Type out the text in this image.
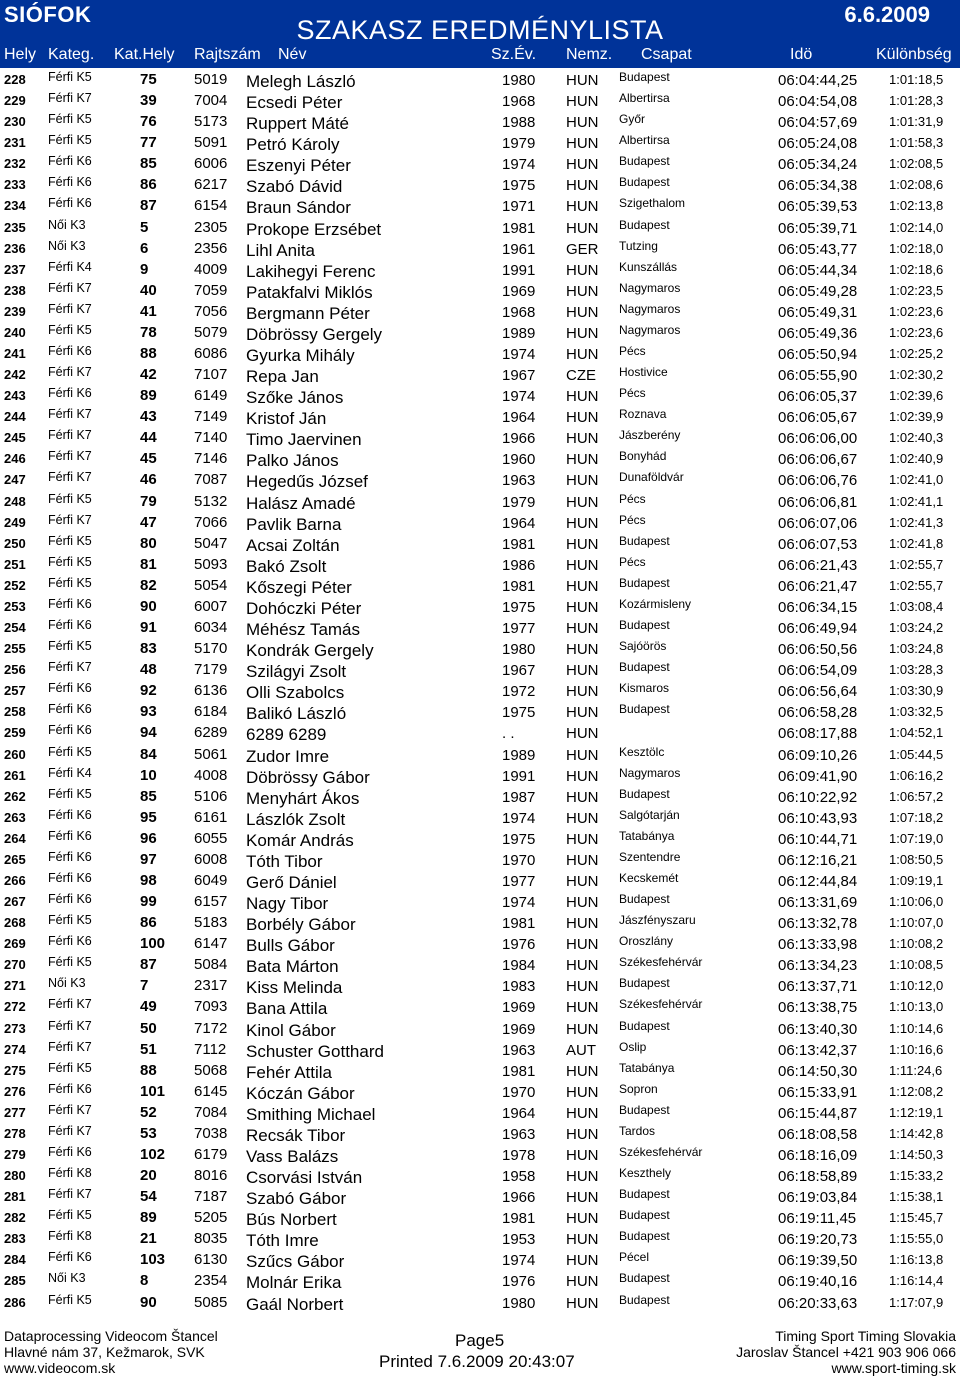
SIÓFOK
SZAKASZ EREDMÉNYLISTA
6.6.2009
Hely Kateg. Kat.Hely Rajtszám Név	Sz.Év. Nemz. Csapat	Idö	Különbség
228 Férfi K5	75 5019 Melegh László	1980 HUN Budapest	06:04:44,25 1:01:18,5
229 Férfi K7	39 7004 Ecsedi Péter	1968 HUN Albertirsa	06:04:54,08 1:01:28,3
230 Férfi K5	76 5173 Ruppert Máté	1988 HUN Győr	06:04:57,69 1:01:31,9
231 Férfi K5	77 5091 Petró Károly	1979 HUN Albertirsa	06:05:24,08 1:01:58,3
232 Férfi K6	85 6006 Eszenyi Péter	1974 HUN Budapest	06:05:34,24 1:02:08,5
233 Férfi K6	86 6217 Szabó Dávid	1975 HUN Budapest	06:05:34,38 1:02:08,6
234 Férfi K6	87 6154 Braun Sándor	1971 HUN Szigethalom	06:05:39,53 1:02:13,8
235 Női K3	5	2305 Prokope Erzsébet	1981 HUN Budapest	06:05:39,71 1:02:14,0
236 Női K3	6	2356 Lihl Anita	1961 GER Tutzing	06:05:43,77 1:02:18,0
237 Férfi K4	9	4009 Lakihegyi Ferenc	1991 HUN Kunszállás	06:05:44,34 1:02:18,6
238 Férfi K7	40 7059 Patakfalvi Miklós	1969 HUN Nagymaros	06:05:49,28 1:02:23,5
239 Férfi K7	41 7056 Bergmann Péter	1968 HUN Nagymaros	06:05:49,31 1:02:23,6
240 Férfi K5	78 5079 Döbrössy Gergely	1989 HUN Nagymaros	06:05:49,36 1:02:23,6
241 Férfi K6	88 6086 Gyurka Mihály	1974 HUN Pécs	06:05:50,94 1:02:25,2
242 Férfi K7	42 7107 Repa Jan	1967 CZE Hostivice	06:05:55,90 1:02:30,2
243 Férfi K6	89 6149 Szőke János	1974 HUN Pécs	06:06:05,37 1:02:39,6
244 Férfi K7	43 7149 Kristof Ján	1964 HUN Roznava	06:06:05,67 1:02:39,9
245 Férfi K7	44 7140 Timo Jaervinen	1966 HUN Jászberény	06:06:06,00 1:02:40,3
246 Férfi K7	45 7146 Palko János	1960 HUN Bonyhád	06:06:06,67 1:02:40,9
247 Férfi K7	46 7087 Hegedűs József	1963 HUN Dunaföldvár	06:06:06,76 1:02:41,0
248 Férfi K5	79 5132 Halász Amadé	1979 HUN Pécs	06:06:06,81 1:02:41,1
249 Férfi K7	47 7066 Pavlik Barna	1964 HUN Pécs	06:06:07,06 1:02:41,3
250 Férfi K5	80 5047 Acsai Zoltán	1981 HUN Budapest	06:06:07,53 1:02:41,8
251 Férfi K5	81 5093 Bakó Zsolt	1986 HUN Pécs	06:06:21,43 1:02:55,7
252 Férfi K5	82 5054 Kőszegi Péter	1981 HUN Budapest	06:06:21,47 1:02:55,7
253 Férfi K6	90 6007 Dohóczki Péter	1975 HUN Kozármisleny	06:06:34,15 1:03:08,4
254 Férfi K6	91 6034 Méhész Tamás	1977 HUN Budapest	06:06:49,94 1:03:24,2
255 Férfi K5	83 5170 Kondrák Gergely	1980 HUN Sajóörös	06:06:50,56 1:03:24,8
256 Férfi K7	48 7179 Szilágyi Zsolt	1967 HUN Budapest	06:06:54,09 1:03:28,3
257 Férfi K6	92 6136 Olli Szabolcs	1972 HUN Kismaros	06:06:56,64 1:03:30,9
258 Férfi K6	93 6184 Balikó László	1975 HUN Budapest	06:06:58,28 1:03:32,5
259 Férfi K6	94 6289 6289 6289	. .	HUN	06:08:17,88 1:04:52,1
260 Férfi K5	84 5061 Zudor Imre	1989 HUN Kesztölc	06:09:10,26 1:05:44,5
261 Férfi K4	10 4008 Döbrössy Gábor	1991 HUN Nagymaros	06:09:41,90 1:06:16,2
262 Férfi K5	85 5106 Menyhárt Ákos	1987 HUN Budapest	06:10:22,92 1:06:57,2
263 Férfi K6	95 6161 Lászlók Zsolt	1974 HUN Salgótarján	06:10:43,93 1:07:18,2
264 Férfi K6	96 6055 Komár András	1975 HUN Tatabánya	06:10:44,71 1:07:19,0
265 Férfi K6	97 6008 Tóth Tibor	1970 HUN Szentendre	06:12:16,21 1:08:50,5
266 Férfi K6	98 6049 Gerő Dániel	1977 HUN Kecskemét	06:12:44,84 1:09:19,1
267 Férfi K6	99 6157 Nagy Tibor	1974 HUN Budapest	06:13:31,69 1:10:06,0
268 Férfi K5	86 5183 Borbély Gábor	1981 HUN Jászfényszaru	06:13:32,78 1:10:07,0
269 Férfi K6	100 6147 Bulls Gábor	1976 HUN Oroszlány	06:13:33,98 1:10:08,2
270 Férfi K5	87 5084 Bata Márton	1984 HUN Székesfehérvár	06:13:34,23 1:10:08,5
271 Női K3	7	2317 Kiss Melinda	1983 HUN Budapest	06:13:37,71 1:10:12,0
272 Férfi K7	49 7093 Bana Attila	1969 HUN Székesfehérvár	06:13:38,75 1:10:13,0
273 Férfi K7	50 7172 Kinol Gábor	1969 HUN Budapest	06:13:40,30 1:10:14,6
274 Férfi K7	51 7112 Schuster Gotthard	1963 AUT Oslip	06:13:42,37 1:10:16,6
275 Férfi K5	88 5068 Fehér Attila	1981 HUN Tatabánya	06:14:50,30 1:11:24,6
276 Férfi K6	101 6145 Kóczán Gábor	1970 HUN Sopron	06:15:33,91 1:12:08,2
277 Férfi K7	52 7084 Smithing Michael	1964 HUN Budapest	06:15:44,87 1:12:19,1
278 Férfi K7	53 7038 Recsák Tibor	1963 HUN Tardos	06:18:08,58 1:14:42,8
279 Férfi K6	102 6179 Vass Balázs	1978 HUN Székesfehérvár	06:18:16,09 1:14:50,3
280 Férfi K8	20 8016 Csorvási István	1958 HUN Keszthely	06:18:58,89 1:15:33,2
281 Férfi K7	54 7187 Szabó Gábor	1966 HUN Budapest	06:19:03,84 1:15:38,1
282 Férfi K5	89 5205 Bús Norbert	1981 HUN Budapest	06:19:11,45	1:15:45,7
283 Férfi K8	21 8035 Tóth Imre	1953 HUN Budapest	06:19:20,73 1:15:55,0
284 Férfi K6	103 6130 Szűcs Gábor	1974 HUN Pécel	06:19:39,50 1:16:13,8
285 Női K3	8	2354 Molnár Erika	1976 HUN Budapest	06:19:40,16 1:16:14,4
286 Férfi K5	90 5085 Gaál Norbert	1980 HUN Budapest	06:20:33,63 1:17:07,9
Dataprocessing Videocom Štancel
Hlavné nám 37, Kežmarok, SVK
www.videocom.sk
Page5
Printed 7.6.2009 20:43:07
Timing Sport Timing Slovakia
Jaroslav Štancel +421 903 906 066
www.sport-timing.sk
